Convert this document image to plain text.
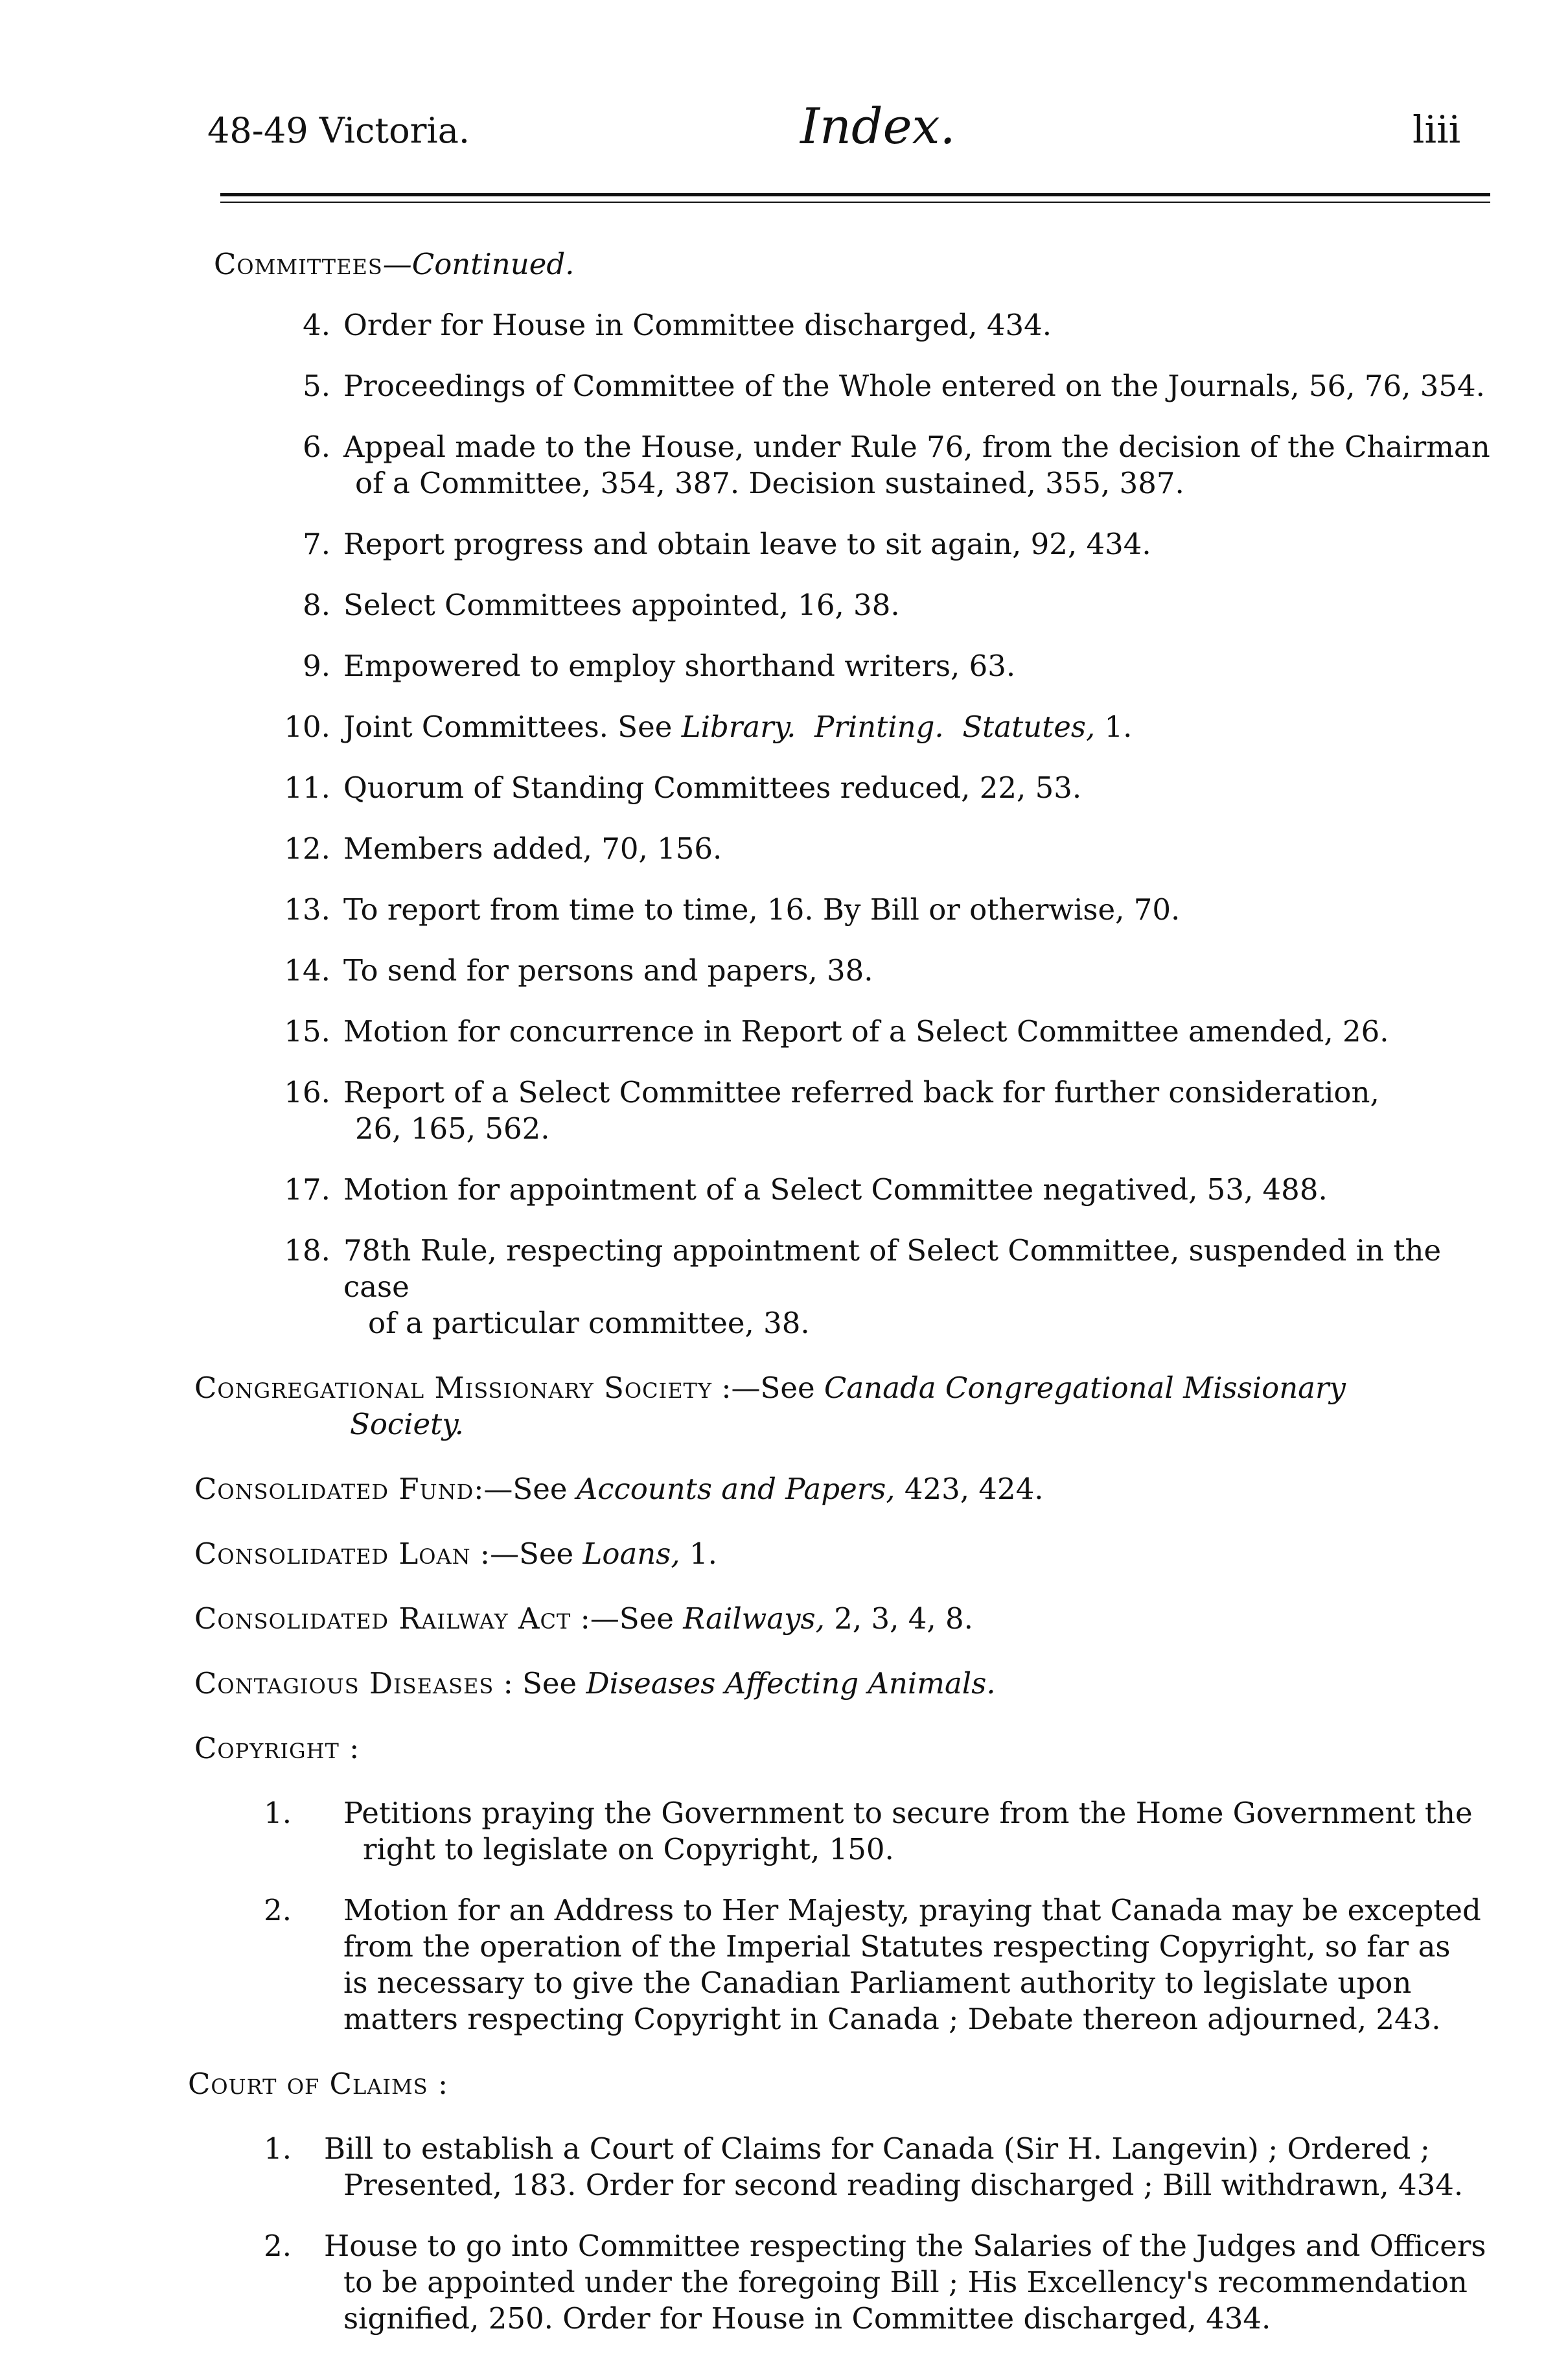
48-49 Victoria.	Index.	liii

Committees—Continued.

4. Order for House in Committee discharged, 434.

5. Proceedings of Committee of the Whole entered on the Journals, 56, 76, 354.

6. Appeal made to the House, under Rule 76, from the decision of the Chairman

of a Committee, 354, 387. Decision sustained, 355, 387.

7. Report progress and obtain leave to sit again, 92, 434.

8. Select Committees appointed, 16, 38.

9. Empowered to employ shorthand writers, 63.

10. Joint Committees. See Library. Printing. Statutes, 1.

11. Quorum of Standing Committees reduced, 22, 53.

12. Members added, 70, 156.

13. To report from time to time, 16. By Bill or otherwise, 70.

14. To send for persons and papers, 38.

15. Motion for concurrence in Report of a Select Committee amended, 26.

16. Report of a Select Committee referred back for further consideration,

26, 165, 562.

17. Motion for appointment of a Select Committee negatived, 53, 488.

18. 78th Rule, respecting appointment of Select Committee, suspended in the case

of a particular committee, 38.

Congregational Missionary Society :—See Canada Congregational Missionary

Society.

Consolidated Fund:—See Accounts and Papers, 423, 424.

Consolidated Loan :—See Loans, 1.

Consolidated Railway Act :—See Railways, 2, 3, 4, 8.

Contagious Diseases : See Diseases Affecting Animals.

Copyright :

1. Petitions praying the Government to secure from the Home Government the

right to legislate on Copyright, 150.

2. Motion for an Address to Her Majesty, praying that Canada may be excepted

from the operation of the Imperial Statutes respecting Copyright, so far as

is necessary to give the Canadian Parliament authority to legislate upon

matters respecting Copyright in Canada ; Debate thereon adjourned, 243.

Court of Claims :

1. Bill to establish a Court of Claims for Canada (Sir H. Langevin) ; Ordered ;

Presented, 183. Order for second reading discharged ; Bill withdrawn, 434.

2. House to go into Committee respecting the Salaries of the Judges and Officers

to be appointed under the foregoing Bill ; His Excellency's recommendation

signified, 250. Order for House in Committee discharged, 434.
